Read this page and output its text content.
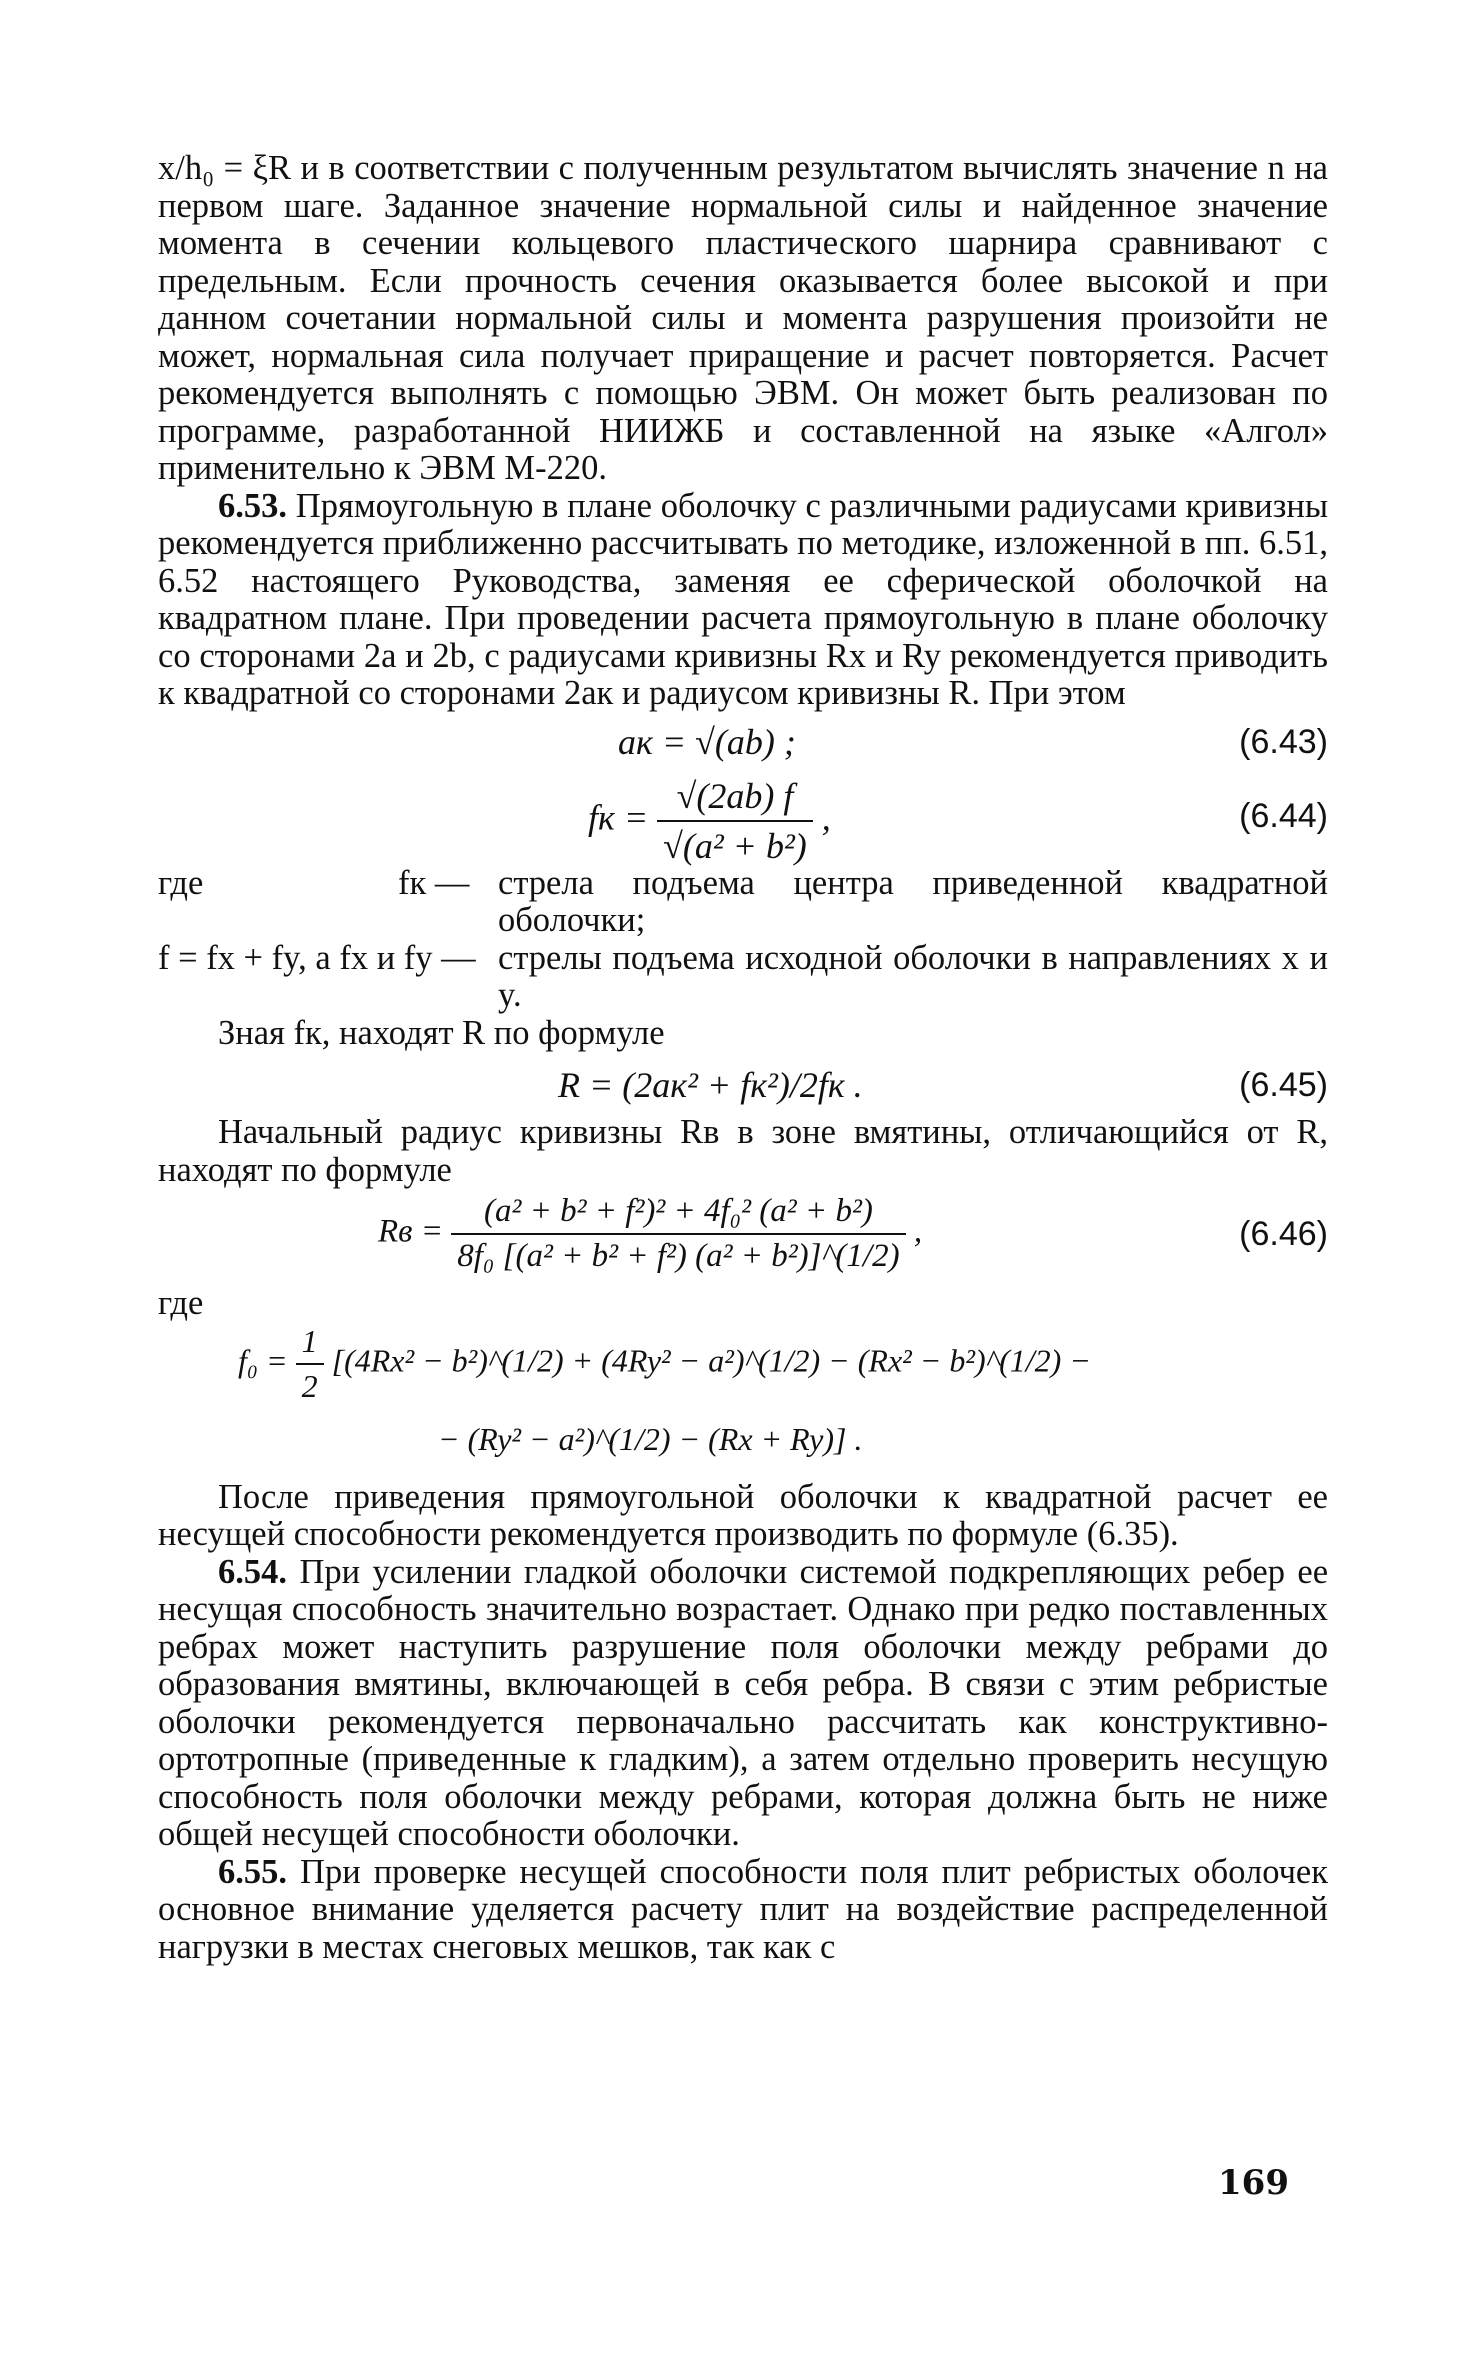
x/h₀ = ξR и в соответствии с полученным результатом вычислять значение n на первом шаге. Заданное значение нормальной силы и найденное значение момента в сечении кольцевого пластического шарнира сравнивают с предельным. Если прочность сечения оказывается более высокой и при данном сочетании нормальной силы и момента разрушения произойти не может, нормальная сила получает приращение и расчет повторяется. Расчет рекомендуется выполнять с помощью ЭВМ. Он может быть реализован по программе, разработанной НИИЖБ и составленной на языке «Алгол» применительно к ЭВМ М-220.

6.53. Прямоугольную в плане оболочку с различными радиусами кривизны рекомендуется приближенно рассчитывать по методике, изложенной в пп. 6.51, 6.52 настоящего Руководства, заменяя ее сферической оболочкой на квадратном плане. При проведении расчета прямоугольную в плане оболочку со сторонами 2a и 2b, с радиусами кривизны Rx и Ry рекомендуется приводить к квадратной со сторонами 2aк и радиусом кривизны R. При этом

aк = √(ab) ;	(6.43)
fк = $\frac{√(2ab) f}{\text{√(a² + b²)}}$ ,	(6.44)
где	fк — стрела подъема центра приведенной квадратной оболочки;
f = fx + fy, а fx и fy — стрелы подъема исходной оболочки в направлениях x и y.

Зная fк, находят R по формуле

R = (2aк² + fк²)/2fк .	(6.45)

Начальный радиус кривизны Rв в зоне вмятины, отличающийся от R, находят по формуле

Rв = $\frac{\text{(a² + b² + f²)² + 4f₀² (a² + b²)}}{\text{8f₀ [(a² + b² + f²) (a² + b²)]\textasciicircum{}(1/2)}}$ ,	(6.46)

где

$f_0 = \frac{1}{2} [(4Rx^2$ − b²)^(1/2) + (4Ry² − a²)^(1/2) − (Rx² − b²)^(1/2) −
− (Ry² − a²)^(1/2) − (Rx + Ry)] .

После приведения прямоугольной оболочки к квадратной расчет ее несущей способности рекомендуется производить по формуле (6.35).

6.54. При усилении гладкой оболочки системой подкрепляющих ребер ее несущая способность значительно возрастает. Однако при редко поставленных ребрах может наступить разрушение поля оболочки между ребрами до образования вмятины, включающей в себя ребра. В связи с этим ребристые оболочки рекомендуется первоначально рассчитать как конструктивно-ортотропные (приведенные к гладким), а затем отдельно проверить несущую способность поля оболочки между ребрами, которая должна быть не ниже общей несущей способности оболочки.

6.55. При проверке несущей способности поля плит ребристых оболочек основное внимание уделяется расчету плит на воздействие распределенной нагрузки в местах снеговых мешков, так как с

169
